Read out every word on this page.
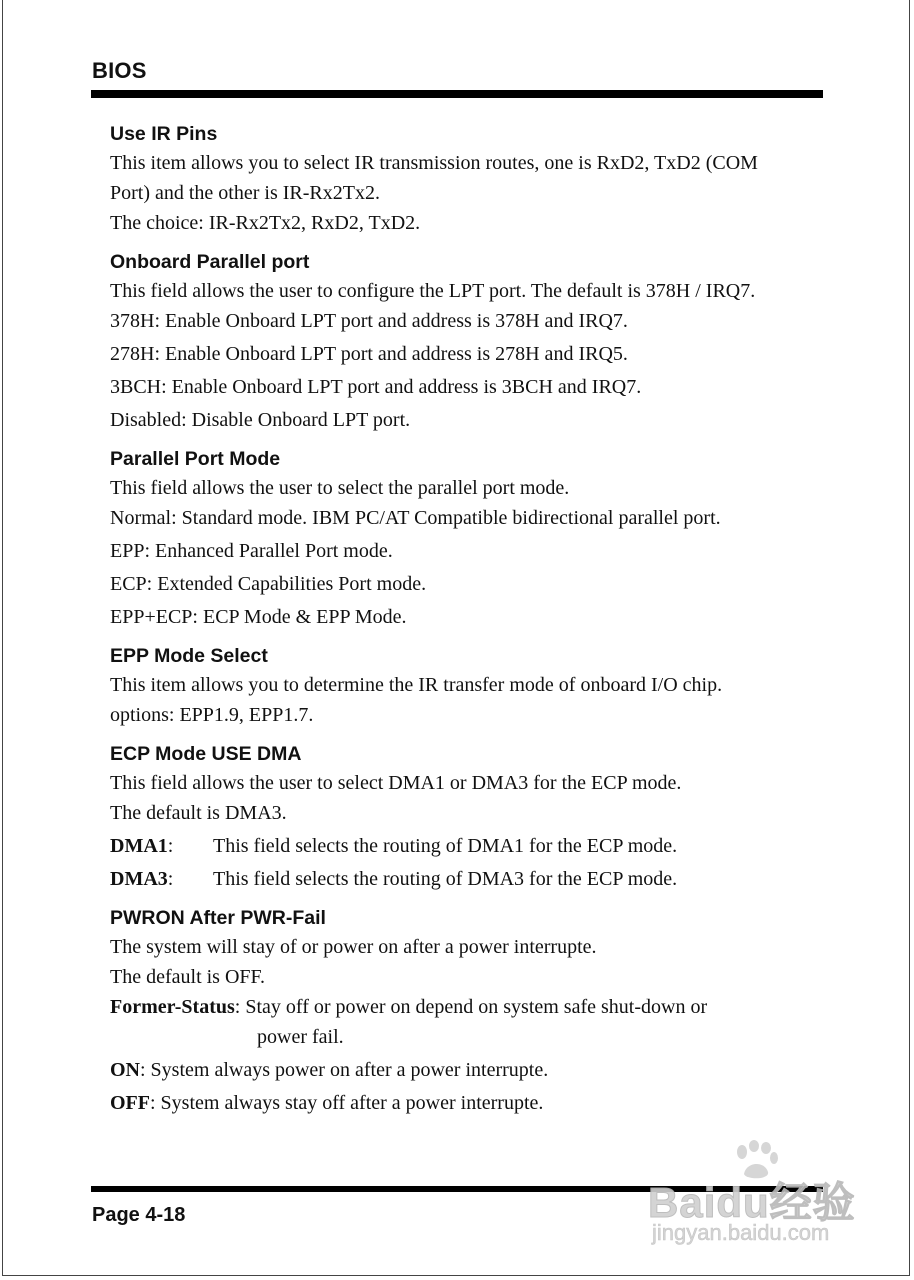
BIOS

Use IR Pins

This item allows you to select IR transmission routes, one is RxD2, TxD2 (COM

Port) and the other is IR-Rx2Tx2.

The choice: IR-Rx2Tx2, RxD2, TxD2.

Onboard Parallel port

This field allows the user to configure the LPT port. The default is 378H / IRQ7.

378H: Enable Onboard LPT port and address is 378H and IRQ7.

278H: Enable Onboard LPT port and address is 278H and IRQ5.

3BCH: Enable Onboard LPT port and address is 3BCH and IRQ7.

Disabled: Disable Onboard LPT port.

Parallel Port Mode

This field allows the user to select the parallel port mode.

Normal: Standard mode. IBM PC/AT Compatible bidirectional parallel port.

EPP: Enhanced Parallel Port mode.

ECP: Extended Capabilities Port mode.

EPP+ECP: ECP Mode & EPP Mode.

EPP Mode Select

This item allows you to determine the IR transfer mode of onboard I/O chip.

options: EPP1.9, EPP1.7.

ECP Mode USE DMA

This field allows the user to select DMA1 or DMA3 for the ECP mode.

The default is DMA3.

DMA1:	This field selects the routing of DMA1 for the ECP mode.
DMA3:	This field selects the routing of DMA3 for the ECP mode.

PWRON After PWR-Fail

The system will stay of or power on after a power interrupte.

The default is OFF.

Former-Status: Stay off or power on depend on system safe shut-down or

power fail.

ON: System always power on after a power interrupte.

OFF: System always stay off after a power interrupte.

Page 4-18	Baidu经验
jingyan.baidu.com
